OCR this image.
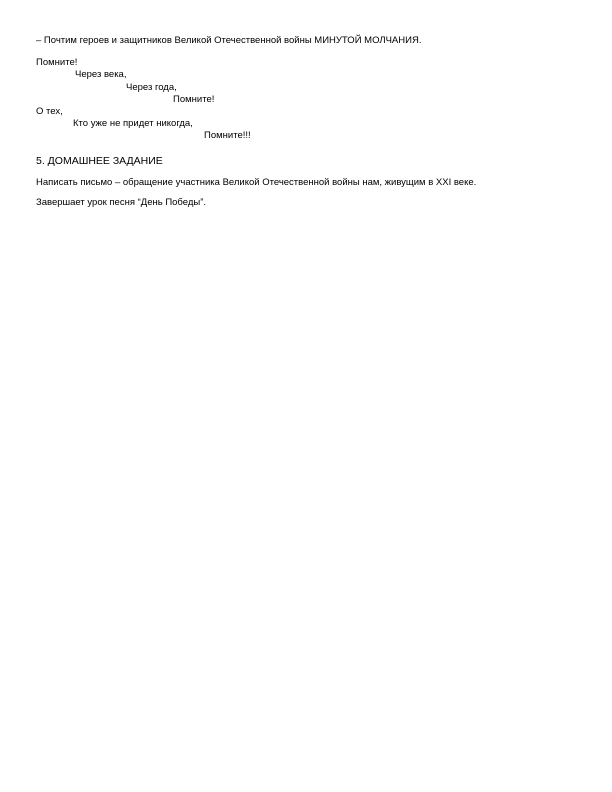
– Почтим героев и защитников Великой Отечественной войны МИНУТОЙ МОЛЧАНИЯ.
Помните!
Через века,
Через года,
Помните!
О тех,
Кто уже не придет никогда,
Помните!!!
5. ДОМАШНЕЕ ЗАДАНИЕ
Написать письмо – обращение участника Великой Отечественной войны нам, живущим в XXI веке.
Завершает урок песня “День Победы”.
